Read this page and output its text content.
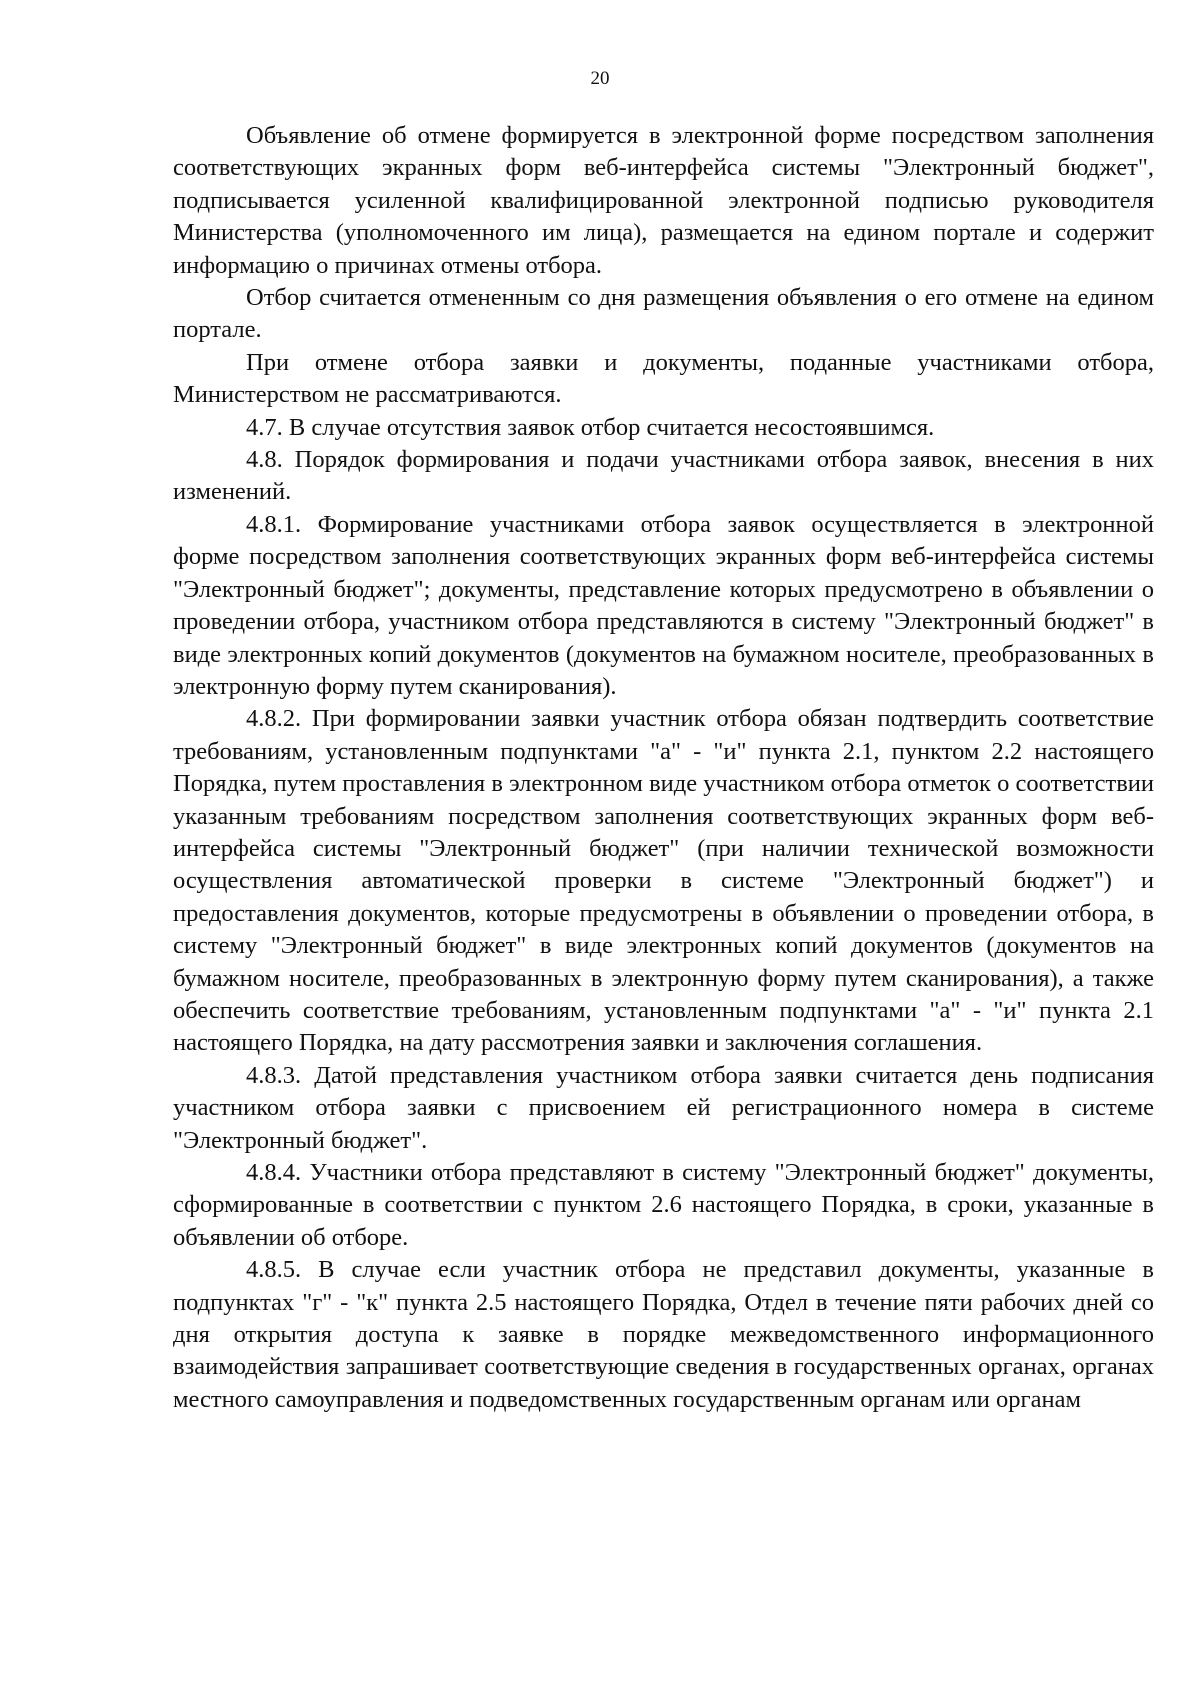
20

Объявление об отмене формируется в электронной форме посредством заполнения соответствующих экранных форм веб-интерфейса системы "Электронный бюджет", подписывается усиленной квалифицированной электронной подписью руководителя Министерства (уполномоченного им лица), размещается на едином портале и содержит информацию о причинах отмены отбора.

Отбор считается отмененным со дня размещения объявления о его отмене на едином портале.

При отмене отбора заявки и документы, поданные участниками отбора, Министерством не рассматриваются.

4.7. В случае отсутствия заявок отбор считается несостоявшимся.

4.8. Порядок формирования и подачи участниками отбора заявок, внесения в них изменений.

4.8.1. Формирование участниками отбора заявок осуществляется в электронной форме посредством заполнения соответствующих экранных форм веб-интерфейса системы "Электронный бюджет"; документы, представление которых предусмотрено в объявлении о проведении отбора, участником отбора представляются в систему "Электронный бюджет" в виде электронных копий документов (документов на бумажном носителе, преобразованных в электронную форму путем сканирования).

4.8.2. При формировании заявки участник отбора обязан подтвердить соответствие требованиям, установленным подпунктами "а" - "и" пункта 2.1, пунктом 2.2 настоящего Порядка, путем проставления в электронном виде участником отбора отметок о соответствии указанным требованиям посредством заполнения соответствующих экранных форм веб-интерфейса системы "Электронный бюджет" (при наличии технической возможности осуществления автоматической проверки в системе "Электронный бюджет") и предоставления документов, которые предусмотрены в объявлении о проведении отбора, в систему "Электронный бюджет" в виде электронных копий документов (документов на бумажном носителе, преобразованных в электронную форму путем сканирования), а также обеспечить соответствие требованиям, установленным подпунктами "а" - "и" пункта 2.1 настоящего Порядка, на дату рассмотрения заявки и заключения соглашения.

4.8.3. Датой представления участником отбора заявки считается день подписания участником отбора заявки с присвоением ей регистрационного номера в системе "Электронный бюджет".

4.8.4. Участники отбора представляют в систему "Электронный бюджет" документы, сформированные в соответствии с пунктом 2.6 настоящего Порядка, в сроки, указанные в объявлении об отборе.

4.8.5. В случае если участник отбора не представил документы, указанные в подпунктах "г" - "к" пункта 2.5 настоящего Порядка, Отдел в течение пяти рабочих дней со дня открытия доступа к заявке в порядке межведомственного информационного взаимодействия запрашивает соответствующие сведения в государственных органах, органах местного самоуправления и подведомственных государственным органам или органам
